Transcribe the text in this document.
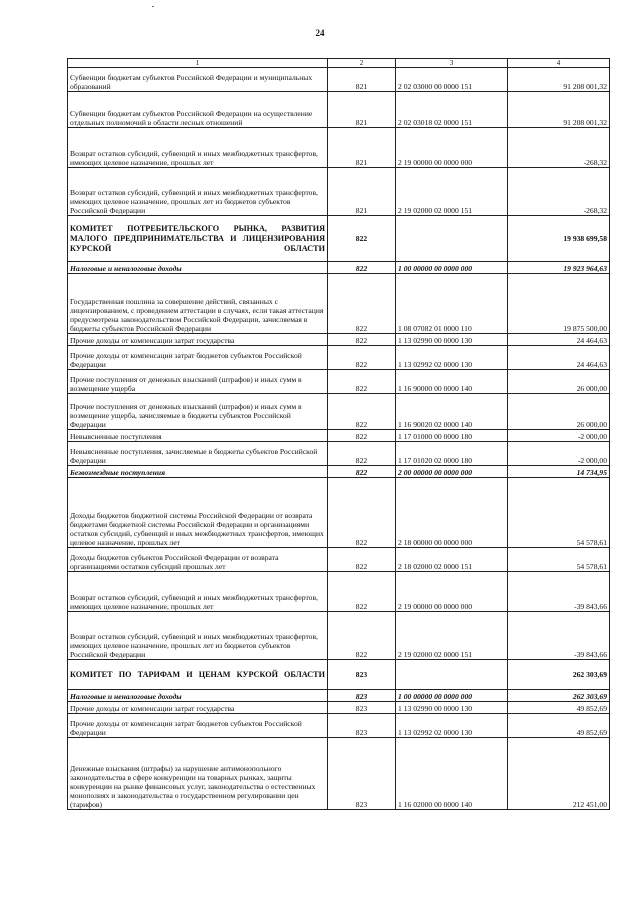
24
1	2	3	4
Субвенции бюджетам субъектов Российской Федерации и муниципальных образований	821	2 02 03000 00 0000 151	91 208 001,32
Субвенции бюджетам субъектов Российской Федерации на осуществление отдельных полномочий в области лесных отношений	821	2 02 03018 02 0000 151	91 208 001,32
Возврат остатков субсидий, субвенций и иных межбюджетных трансфертов, имеющих целевое назначение, прошлых лет	821	2 19 00000 00 0000 000	-268,32
Возврат остатков субсидий, субвенций и иных межбюджетных трансфертов, имеющих целевое назначение, прошлых лет из бюджетов субъектов Российской Федерации	821	2 19 02000 02 0000 151	-268,32
КОМИТЕТ ПОТРЕБИТЕЛЬСКОГО РЫНКА, РАЗВИТИЯ МАЛОГО ПРЕДПРИНИМАТЕЛЬСТВА И ЛИЦЕНЗИРОВАНИЯ КУРСКОЙ ОБЛАСТИ	822		19 938 699,58
Налоговые и неналоговые доходы	822	1 00 00000 00 0000 000	19 923 964,63
Государственная пошлина за совершение действий, связанных с лицензированием, с проведением аттестации в случаях, если такая аттестация предусмотрена законодательством Российской Федерации, зачисляемая в бюджеты субъектов Российской Федерации	822	1 08 07082 01 0000 110	19 875 500,00
Прочие доходы от компенсации затрат государства	822	1 13 02990 00 0000 130	24 464,63
Прочие доходы от компенсации затрат бюджетов субъектов Российской Федерации	822	1 13 02992 02 0000 130	24 464,63
Прочие поступления от денежных взысканий (штрафов) и иных сумм в возмещение ущерба	822	1 16 90000 00 0000 140	26 000,00
Прочие поступления от денежных взысканий (штрафов) и иных сумм в возмещение ущерба, зачисляемые в бюджеты субъектов Российской Федерации	822	1 16 90020 02 0000 140	26 000,00
Невыясненные поступления	822	1 17 01000 00 0000 180	-2 000,00
Невыясненные поступления, зачисляемые в бюджеты субъектов Российской Федерации	822	1 17 01020 02 0000 180	-2 000,00
Безвозмездные поступления	822	2 00 00000 00 0000 000	14 734,95
Доходы бюджетов бюджетной системы Российской Федерации от возврата бюджетами бюджетной системы Российской Федерации и организациями остатков субсидий, субвенций и иных межбюджетных трансфертов, имеющих целевое назначение, прошлых лет	822	2 18 00000 00 0000 000	54 578,61
Доходы бюджетов субъектов Российской Федерации от возврата организациями остатков субсидий прошлых лет	822	2 18 02000 02 0000 151	54 578,61
Возврат остатков субсидий, субвенций и иных межбюджетных трансфертов, имеющих целевое назначение, прошлых лет	822	2 19 00000 00 0000 000	-39 843,66
Возврат остатков субсидий, субвенций и иных межбюджетных трансфертов, имеющих целевое назначение, прошлых лет из бюджетов субъектов Российской Федерации	822	2 19 02000 02 0000 151	-39 843,66
КОМИТЕТ ПО ТАРИФАМ И ЦЕНАМ КУРСКОЙ ОБЛАСТИ	823		262 303,69
Налоговые и неналоговые доходы	823	1 00 00000 00 0000 000	262 303,69
Прочие доходы от компенсации затрат государства	823	1 13 02990 00 0000 130	49 852,69
Прочие доходы от компенсации затрат бюджетов субъектов Российской Федерации	823	1 13 02992 02 0000 130	49 852,69
Денежные взыскания (штрафы) за нарушение антимонопольного законодательства в сфере конкуренции на товарных рынках, защиты конкуренции на рынке финансовых услуг, законодательства о естественных монополиях и законодательства о государственном регулировании цен (тарифов)	823	1 16 02000 00 0000 140	212 451,00
